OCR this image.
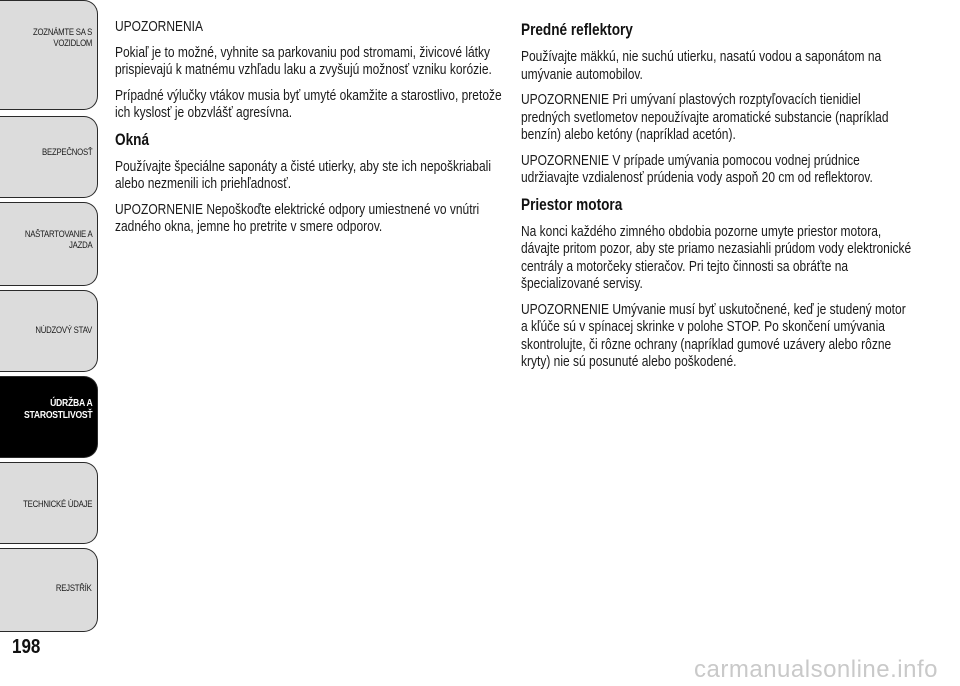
ZOZNÁMTE SA S
VOZIDLOM
BEZPEČNOSŤ
NAŠTARTOVANIE A
JAZDA
NÚDZOVÝ STAV
ÚDRŽBA A
STAROSTLIVOSŤ
TECHNICKÉ ÚDAJE
REJSTŘÍK
198

UPOZORNENIA

Pokiaľ je to možné, vyhnite sa parkovaniu pod stromami, živicové látky prispievajú k matnému vzhľadu laku a zvyšujú možnosť vzniku korózie.

Prípadné výlučky vtákov musia byť umyté okamžite a starostlivo, pretože ich kyslosť je obzvlášť agresívna.

Okná

Používajte špeciálne saponáty a čisté utierky, aby ste ich nepoškriabali alebo nezmenili ich priehľadnosť.

UPOZORNENIE Nepoškoďte elektrické odpory umiestnené vo vnútri zadného okna, jemne ho pretrite v smere odporov.

Predné reflektory

Používajte mäkkú, nie suchú utierku, nasatú vodou a saponátom na umývanie automobilov.

UPOZORNENIE Pri umývaní plastových rozptyľovacích tienidiel predných svetlometov nepoužívajte aromatické substancie (napríklad benzín) alebo ketóny (napríklad acetón).

UPOZORNENIE V prípade umývania pomocou vodnej prúdnice udržiavajte vzdialenosť prúdenia vody aspoň 20 cm od reflektorov.

Priestor motora

Na konci každého zimného obdobia pozorne umyte priestor motora, dávajte pritom pozor, aby ste priamo nezasiahli prúdom vody elektronické centrály a motorčeky stieračov. Pri tejto činnosti sa obráťte na špecializované servisy.

UPOZORNENIE Umývanie musí byť uskutočnené, keď je studený motor a kľúče sú v spínacej skrinke v polohe STOP. Po skončení umývania skontrolujte, či rôzne ochrany (napríklad gumové uzávery alebo rôzne kryty) nie sú posunuté alebo poškodené.

carmanualsonline.info
